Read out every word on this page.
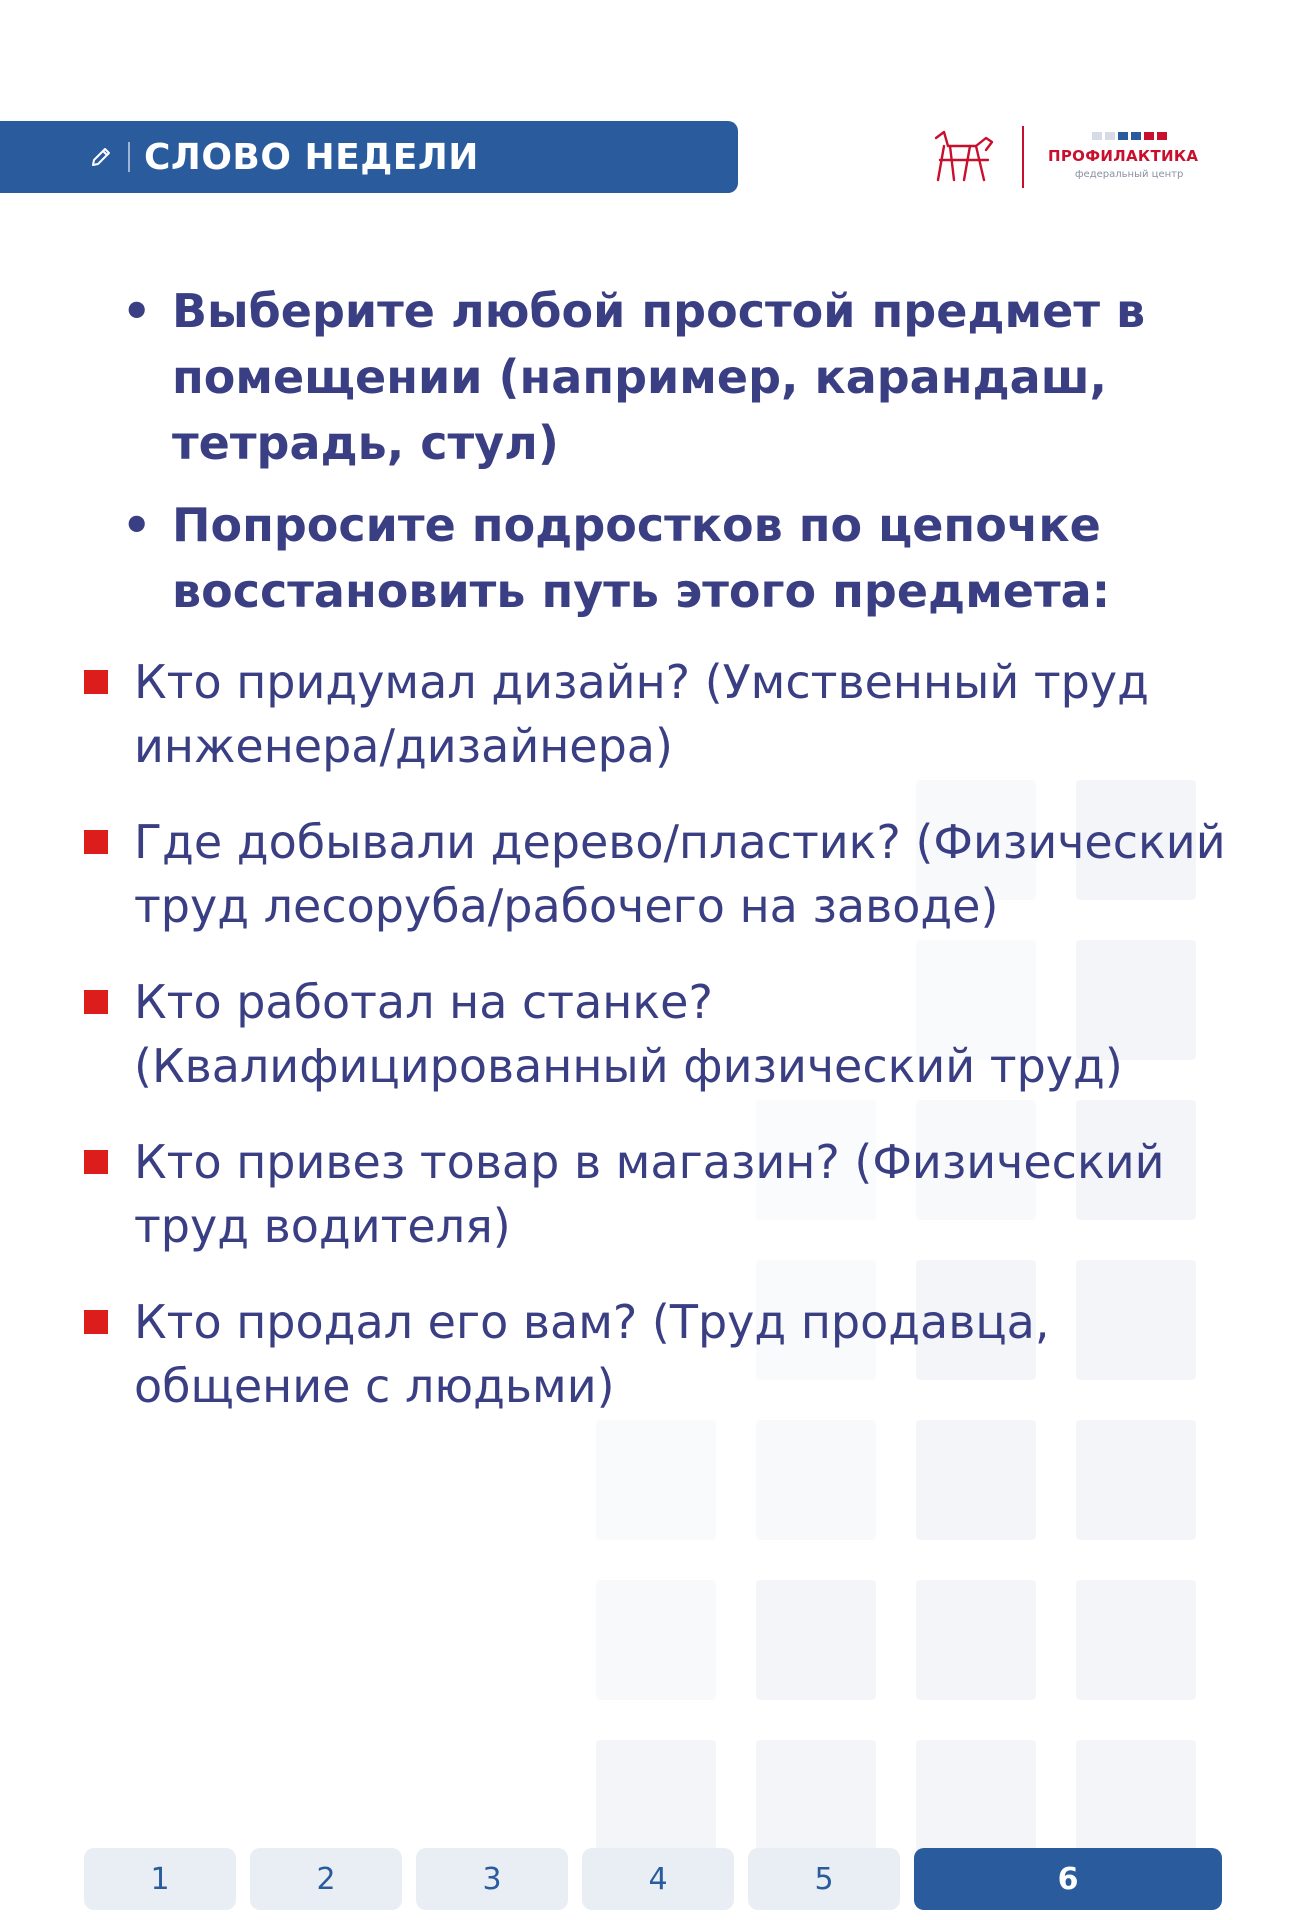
СЛОВО НЕДЕЛИ	ПРОФИЛАКТИКА
федеральный центр
• Выберите любой простой предмет в помещении (например, карандаш, тетрадь, стул)
• Попросите подростков по цепочке восстановить путь этого предмета:
Кто придумал дизайн? (Умственный труд инженера/дизайнера)
Где добывали дерево/пластик? (Физический труд лесоруба/рабочего на заводе)
Кто работал на станке? (Квалифицированный физический труд)
Кто привез товар в магазин? (Физический труд водителя)
Кто продал его вам? (Труд продавца, общение с людьми)
1	2	3	4	5	6
